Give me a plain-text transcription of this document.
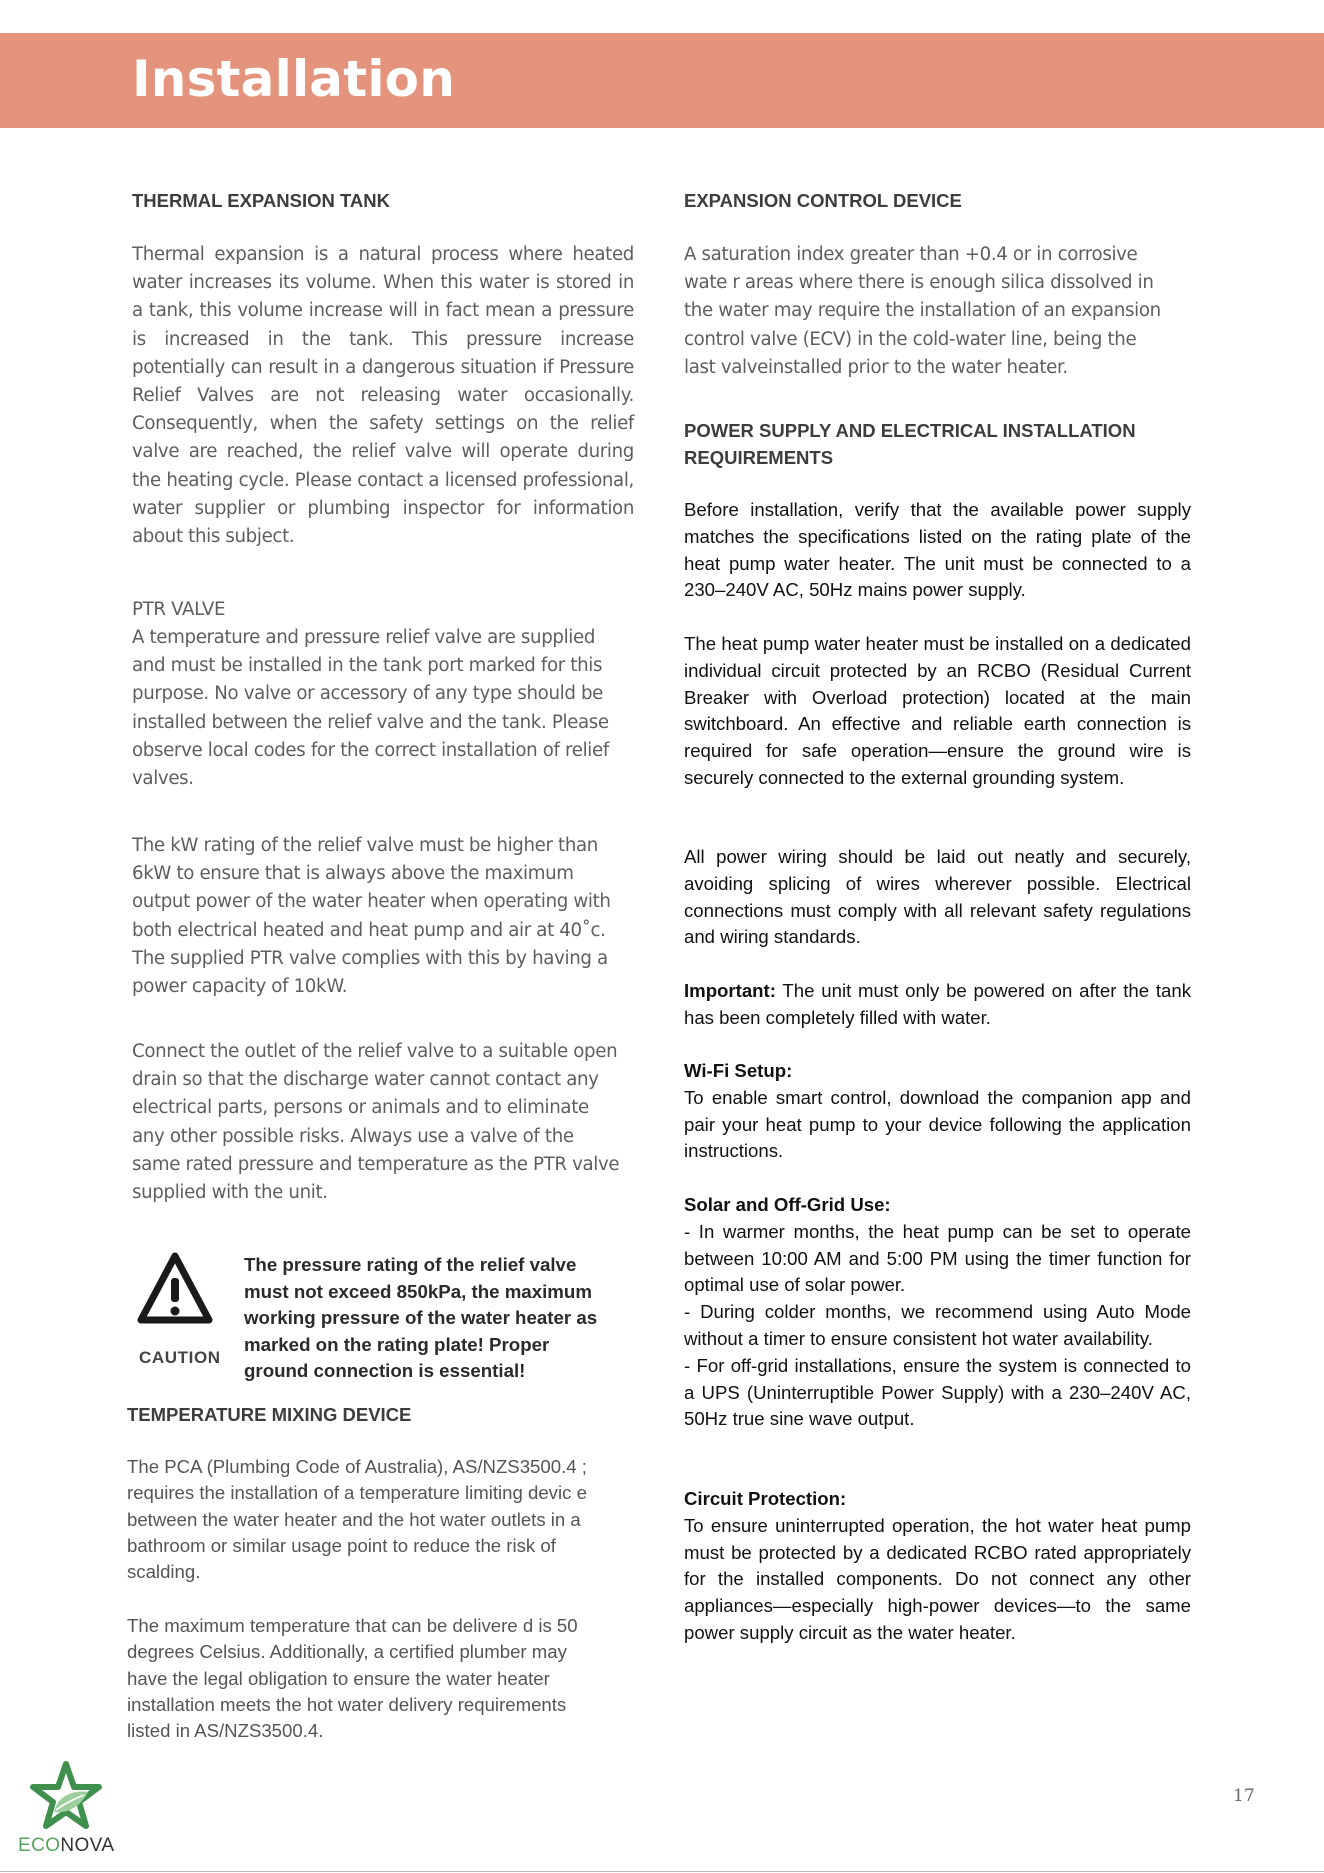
Installation
THERMAL EXPANSION TANK

Thermal expansion is a natural process where heated water increases its volume. When this water is stored in a tank, this volume increase will in fact mean a pressure is increased in the tank. This pressure increase potentially can result in a dangerous situation if Pressure Relief Valves are not releasing water occasionally. Consequently, when the safety settings on the relief valve are reached, the relief valve will operate during the heating cycle. Please contact a licensed professional, water supplier or plumbing inspector for information about this subject.

PTR VALVE
A temperature and pressure relief valve are supplied
and must be installed in the tank port marked for this
purpose. No valve or accessory of any type should be
installed between the relief valve and the tank. Please
observe local codes for the correct installation of relief
valves.
The kW rating of the relief valve must be higher than
6kW to ensure that is always above the maximum
output power of the water heater when operating with
both electrical heated and heat pump and air at 40˚c.
The supplied PTR valve complies with this by having a
power capacity of 10kW.
Connect the outlet of the relief valve to a suitable open
drain so that the discharge water cannot contact any
electrical parts, persons or animals and to eliminate
any other possible risks. Always use a valve of the
same rated pressure and temperature as the PTR valve
supplied with the unit.
CAUTION
The pressure rating of the relief valve
must not exceed 850kPa, the maximum
working pressure of the water heater as
marked on the rating plate! Proper
ground connection is essential!
TEMPERATURE MIXING DEVICE
The PCA (Plumbing Code of Australia), AS/NZS3500.4 ;
requires the installation of a temperature limiting devic e
between the water heater and the hot water outlets in a
bathroom or similar usage point to reduce the risk of
scalding.
The maximum temperature that can be delivere d is 50
degrees Celsius. Additionally, a certified plumber may
have the legal obligation to ensure the water heater
installation meets the hot water delivery requirements
listed in AS/NZS3500.4.
EXPANSION CONTROL DEVICE
A saturation index greater than +0.4 or in corrosive
wate r areas where there is enough silica dissolved in
the water may require the installation of an expansion
control valve (ECV) in the cold-water line, being the
last valveinstalled prior to the water heater.
POWER SUPPLY AND ELECTRICAL INSTALLATION
REQUIREMENTS

Before installation, verify that the available power supply matches the specifications listed on the rating plate of the heat pump water heater. The unit must be connected to a 230–240V AC, 50Hz mains power supply.

The heat pump water heater must be installed on a dedicated individual circuit protected by an RCBO (Residual Current Breaker with Overload protection) located at the main switchboard. An effective and reliable earth connection is required for safe operation—ensure the ground wire is securely connected to the external grounding system.

All power wiring should be laid out neatly and securely, avoiding splicing of wires wherever possible. Electrical connections must comply with all relevant safety regulations and wiring standards.

Important: The unit must only be powered on after the tank has been completely filled with water.

Wi-Fi Setup:
To enable smart control, download the companion app and pair your heat pump to your device following the application instructions.
Solar and Off-Grid Use:
- In warmer months, the heat pump can be set to operate between 10:00 AM and 5:00 PM using the timer function for optimal use of solar power.
- During colder months, we recommend using Auto Mode without a timer to ensure consistent hot water availability.
- For off-grid installations, ensure the system is connected to a UPS (Uninterruptible Power Supply) with a 230–240V AC, 50Hz true sine wave output.
Circuit Protection:
To ensure uninterrupted operation, the hot water heat pump must be protected by a dedicated RCBO rated appropriately for the installed components. Do not connect any other appliances—especially high-power devices—to the same power supply circuit as the water heater.
17
ECONOVA
